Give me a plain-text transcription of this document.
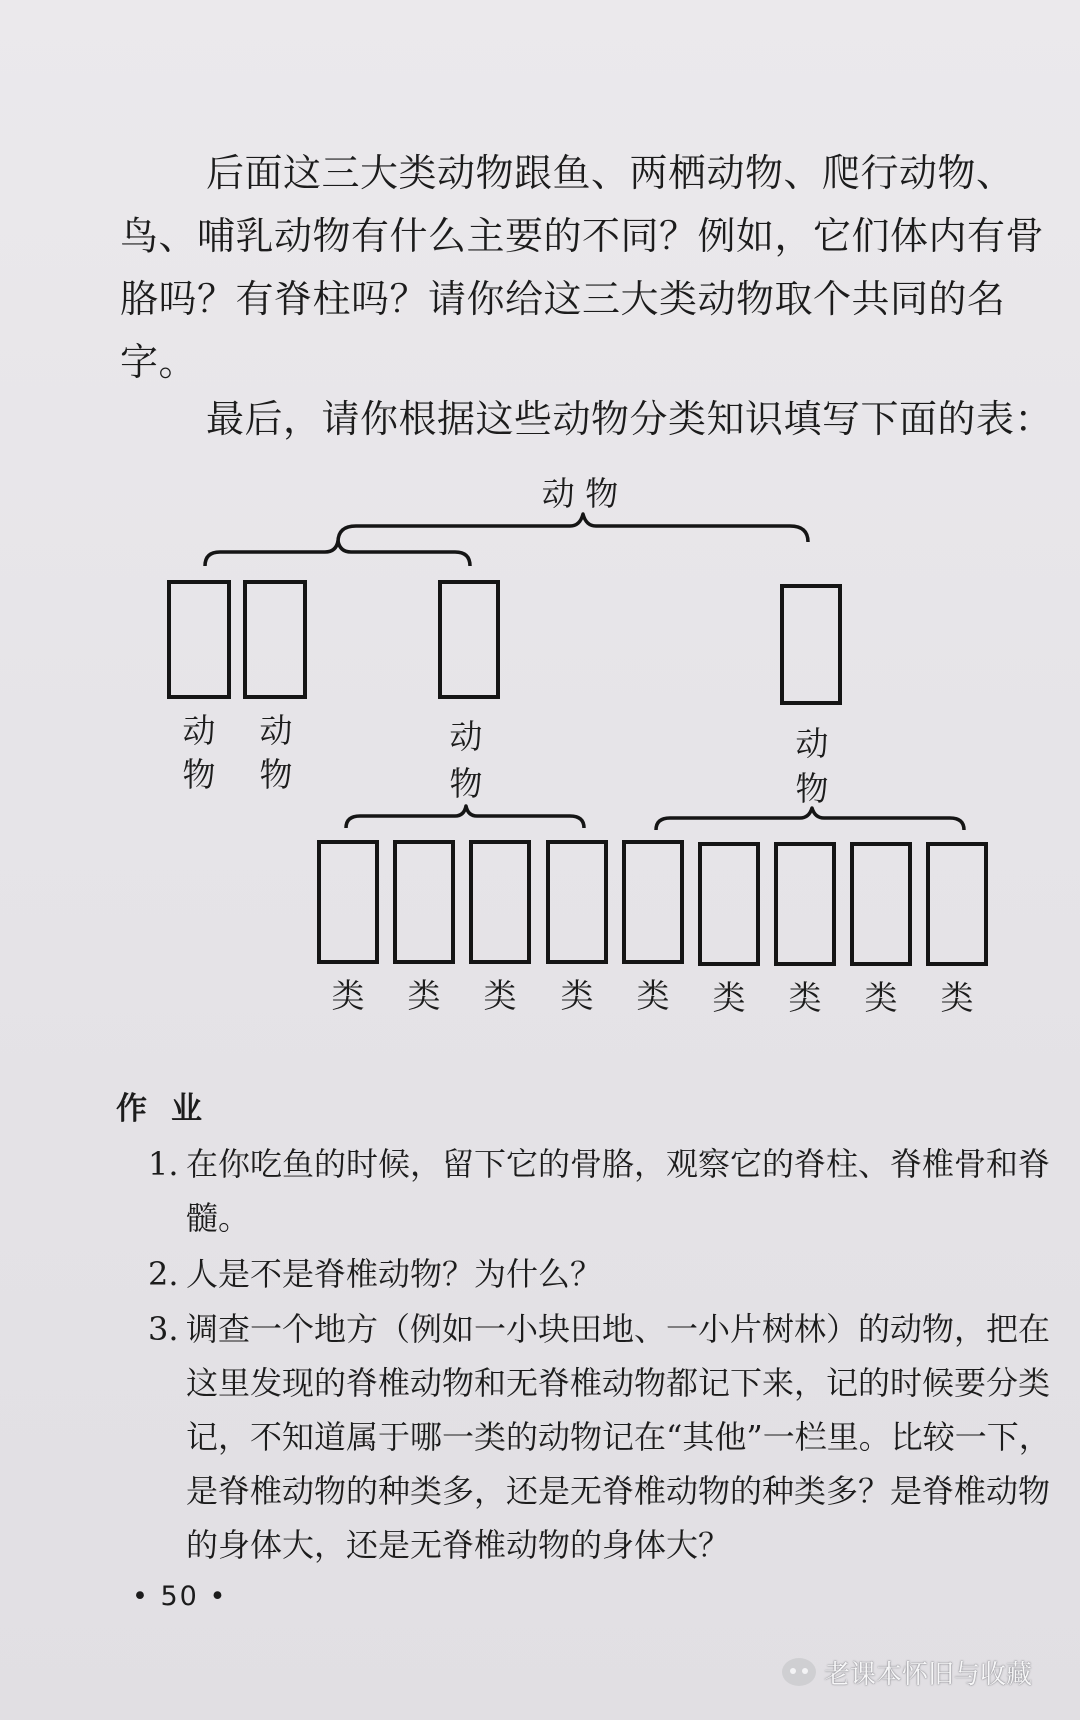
后面这三大类动物跟鱼、两栖动物、爬行动物、鸟、哺乳动物有什么主要的不同？例如，它们体内有骨胳吗？有脊柱吗？请你给这三大类动物取个共同的名字。

最后，请你根据这些动物分类知识填写下面的表：

动 物
动
物
动
物
动
物
动
物
类 类 类 类 类 类 类 类 类
作业
1. 在你吃鱼的时候，留下它的骨胳，观察它的脊柱、脊椎骨和脊髓。
2. 人是不是脊椎动物？为什么？
3. 调查一个地方（例如一小块田地、一小片树林）的动物，把在这里发现的脊椎动物和无脊椎动物都记下来，记的时候要分类记，不知道属于哪一类的动物记在“其他”一栏里。比较一下，是脊椎动物的种类多，还是无脊椎动物的种类多？是脊椎动物的身体大，还是无脊椎动物的身体大？
• 50 •
老课本怀旧与收藏
